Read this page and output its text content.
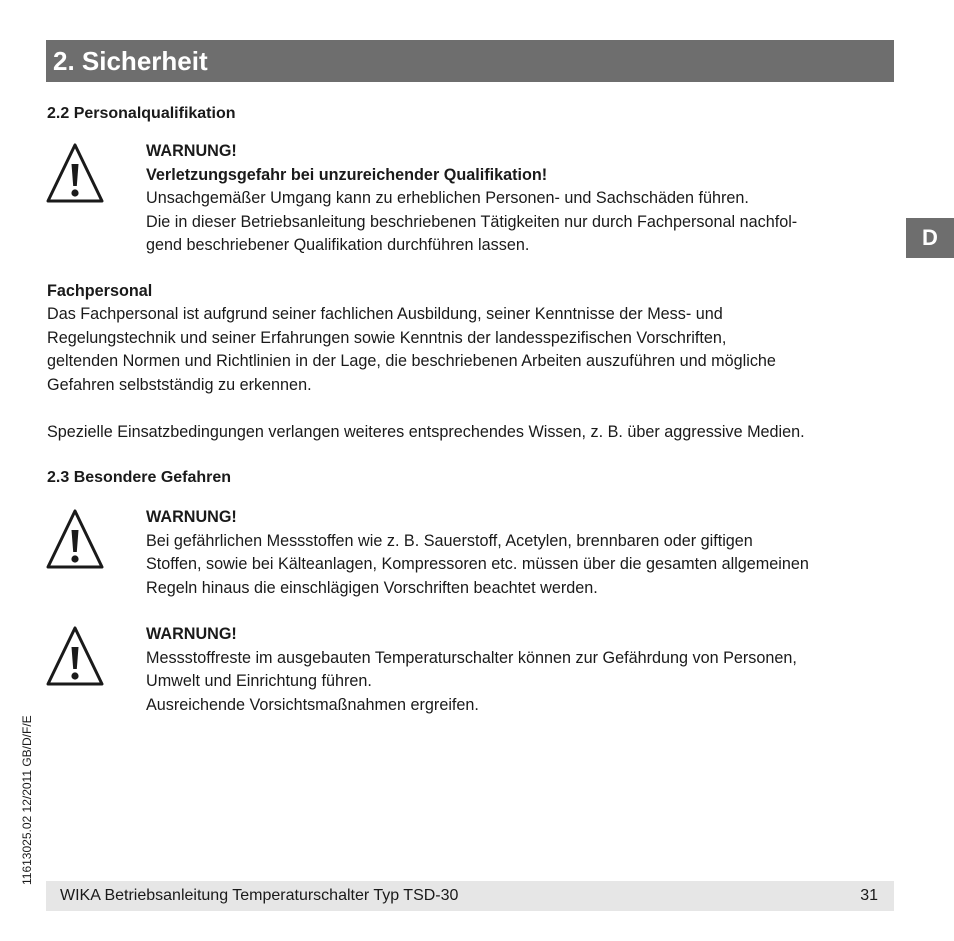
2. Sicherheit
D
2.2 Personalqualifikation

WARNUNG!

Verletzungsgefahr bei unzureichender Qualifikation!

Unsachgemäßer Umgang kann zu erheblichen Personen- und Sachschäden führen.

Die in dieser Betriebsanleitung beschriebenen Tätigkeiten nur durch Fachpersonal nachfol-

gend beschriebener Qualifikation durchführen lassen.

Fachpersonal

Das Fachpersonal ist aufgrund seiner fachlichen Ausbildung, seiner Kenntnisse der Mess- und
Regelungstechnik und seiner Erfahrungen sowie Kenntnis der landesspezifischen Vorschriften,
geltenden Normen und Richtlinien in der Lage, die beschriebenen Arbeiten auszuführen und mögliche
Gefahren selbstständig zu erkennen.

Spezielle Einsatzbedingungen verlangen weiteres entsprechendes Wissen, z. B. über aggressive Medien.

2.3 Besondere Gefahren

WARNUNG!

Bei gefährlichen Messstoffen wie z. B. Sauerstoff, Acetylen, brennbaren oder giftigen

Stoffen, sowie bei Kälteanlagen, Kompressoren etc. müssen über die gesamten allgemeinen

Regeln hinaus die einschlägigen Vorschriften beachtet werden.

WARNUNG!

Messstoffreste im ausgebauten Temperaturschalter können zur Gefährdung von Personen,

Umwelt und Einrichtung führen.

Ausreichende Vorsichtsmaßnahmen ergreifen.

11613025.02 12/2011 GB/D/F/E
WIKA Betriebsanleitung Temperaturschalter Typ TSD-30	31
